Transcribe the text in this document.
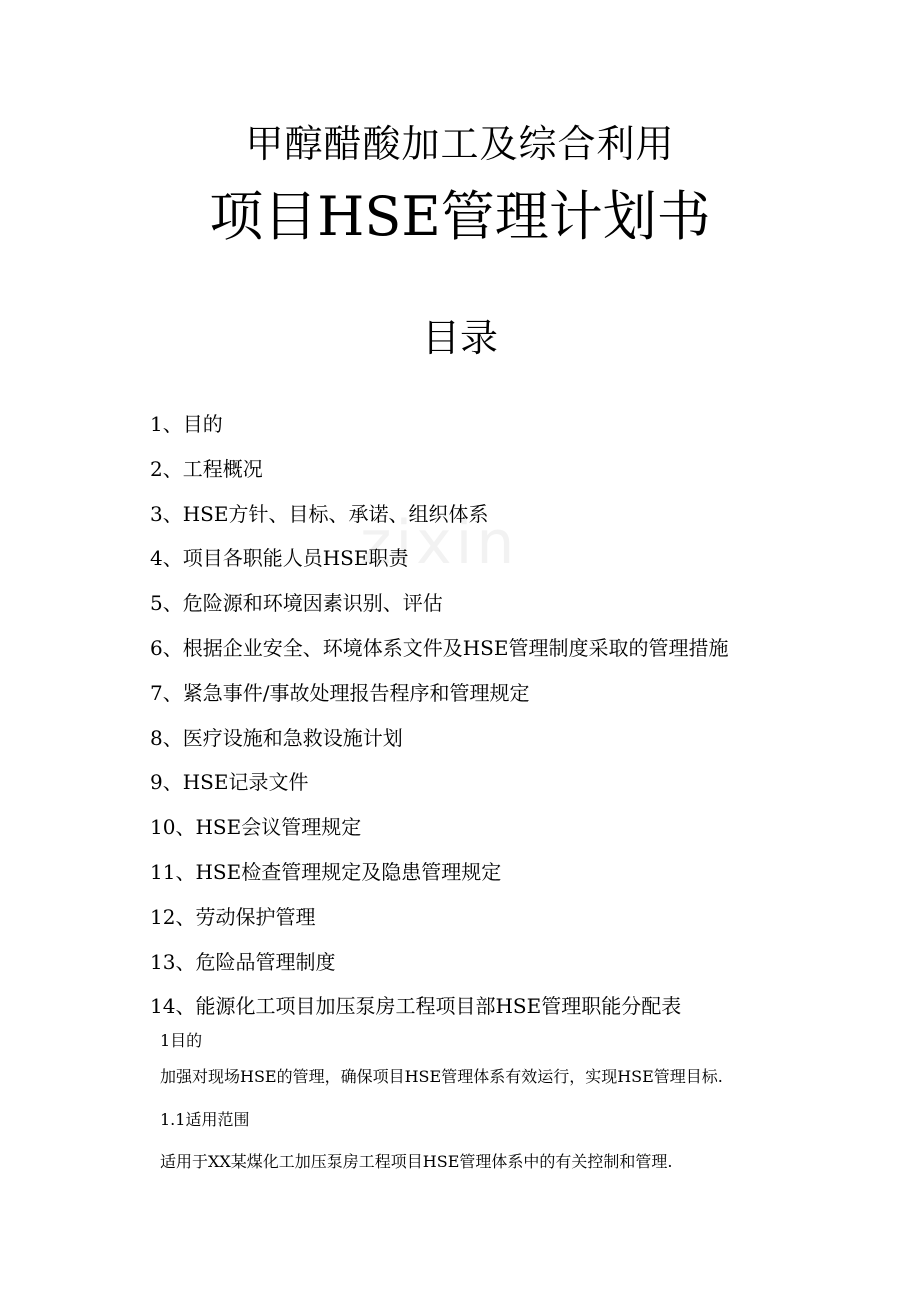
zixin
甲醇醋酸加工及综合利用
项目HSE管理计划书
目录
1、目的
2、工程概况
3、HSE方针、目标、承诺、组织体系
4、项目各职能人员HSE职责
5、危险源和环境因素识别、评估
6、根据企业安全、环境体系文件及HSE管理制度采取的管理措施
7、紧急事件/事故处理报告程序和管理规定
8、医疗设施和急救设施计划
9、HSE记录文件
10、HSE会议管理规定
11、HSE检查管理规定及隐患管理规定
12、劳动保护管理
13、危险品管理制度
14、能源化工项目加压泵房工程项目部HSE管理职能分配表
1目的
加强对现场HSE的管理，确保项目HSE管理体系有效运行，实现HSE管理目标.
1.1适用范围
适用于XX某煤化工加压泵房工程项目HSE管理体系中的有关控制和管理.
